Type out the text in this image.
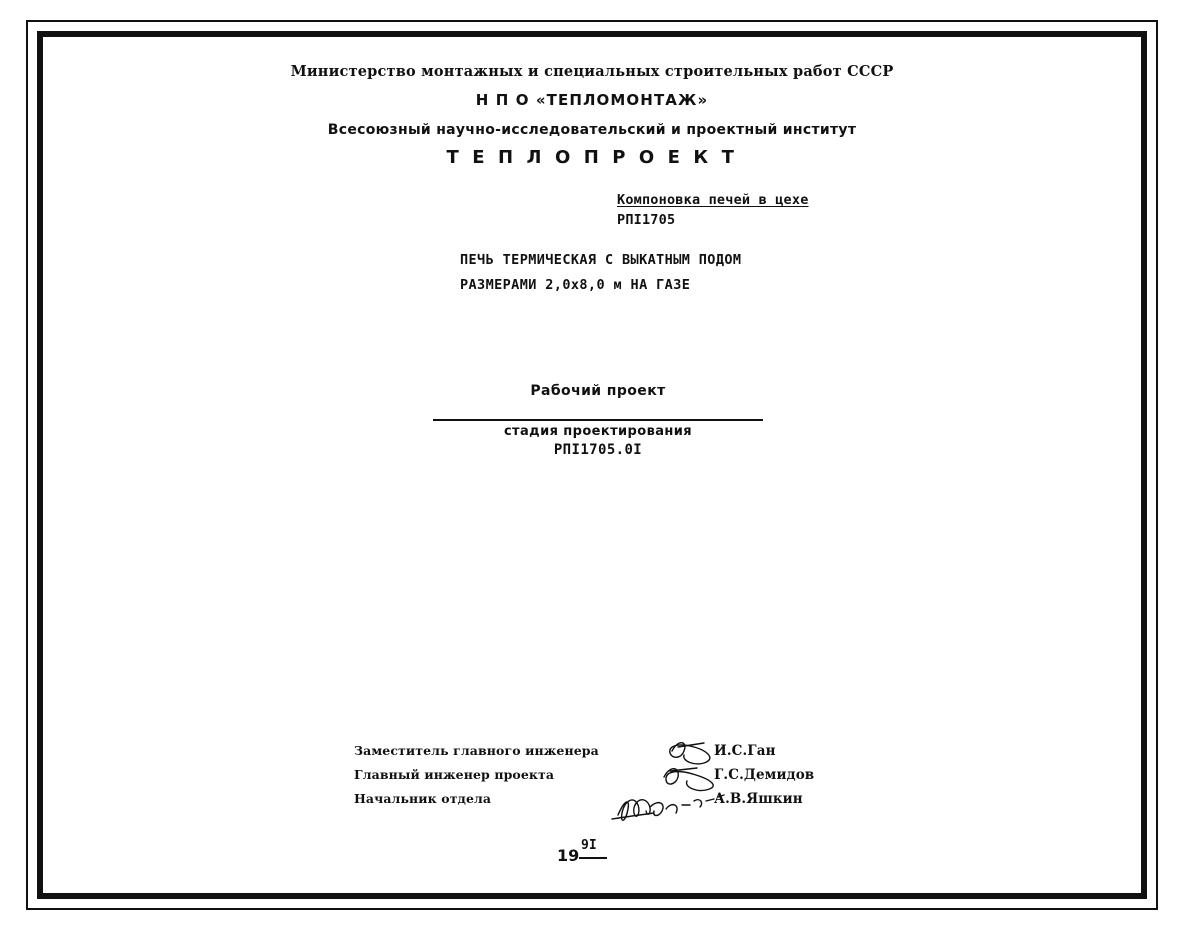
Министерство монтажных и специальных строительных работ СССР
Н П О «ТЕПЛОМОНТАЖ»
Всесоюзный научно-исследовательский и проектный институт
Т Е П Л О П Р О Е К Т
Компоновка печей в цехе
РПI1705
ПЕЧЬ ТЕРМИЧЕСКАЯ С ВЫКАТНЫМ ПОДОМ
РАЗМЕРАМИ 2,0х8,0 м НА ГАЗЕ
Рабочий проект
стадия проектирования
РПI1705.0I
Заместитель главного инженера	И.С.Ган
Главный инженер проекта	Г.С.Демидов
Начальник отдела	А.В.Яшкин
19
9I
